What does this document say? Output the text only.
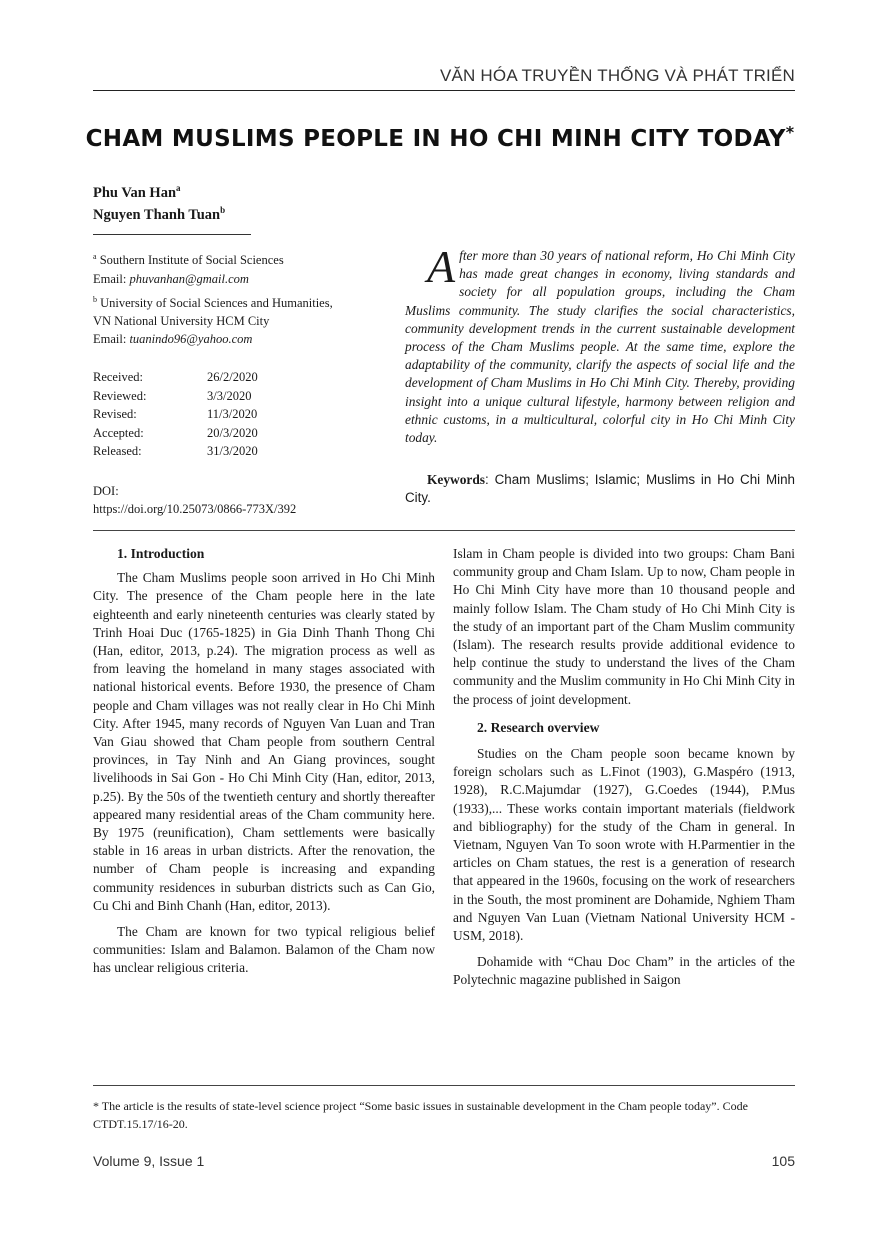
VĂN HÓA TRUYỀN THỐNG VÀ PHÁT TRIỂN
CHAM MUSLIMS PEOPLE IN HO CHI MINH CITY TODAY*
Phu Van Han$^a$
Nguyen Thanh Tuan$^b$
$^a$ Southern Institute of Social Sciences
Email: phuvanhan@gmail.com
$^b$ University of Social Sciences and Humanities,
VN National University HCM City
Email: tuanindo96@yahoo.com
Received:	26/2/2020
Reviewed:	3/3/2020
Revised:	11/3/2020
Accepted:	20/3/2020
Released:	31/3/2020
DOI:
https://doi.org/10.25073/0866-773X/392
After more than 30 years of national reform, Ho Chi Minh City has made great changes in economy, living standards and society for all population groups, including the Cham Muslims community. The study clarifies the social characteristics, community development trends in the current sustainable development process of the Cham Muslims people. At the same time, explore the adaptability of the community, clarify the aspects of social life and the development of Cham Muslims in Ho Chi Minh City. Thereby, providing insight into a unique cultural lifestyle, harmony between religion and ethnic customs, in a multicultural, colorful city in Ho Chi Minh City today.
Keywords: Cham Muslims; Islamic; Muslims in Ho Chi Minh City.
1. Introduction

The Cham Muslims people soon arrived in Ho Chi Minh City. The presence of the Cham people here in the late eighteenth and early nineteenth centuries was clearly stated by Trinh Hoai Duc (1765-1825) in Gia Dinh Thanh Thong Chi (Han, editor, 2013, p.24). The migration process as well as from leaving the homeland in many stages associated with national historical events. Before 1930, the presence of Cham people and Cham villages was not really clear in Ho Chi Minh City. After 1945, many records of Nguyen Van Luan and Tran Van Giau showed that Cham people from southern Central provinces, in Tay Ninh and An Giang provinces, sought livelihoods in Sai Gon - Ho Chi Minh City (Han, editor, 2013, p.25). By the 50s of the twentieth century and shortly thereafter appeared many residential areas of the Cham community here. By 1975 (reunification), Cham settlements were basically stable in 16 areas in urban districts. After the renovation, the number of Cham people is increasing and expanding community residences in suburban districts such as Can Gio, Cu Chi and Binh Chanh (Han, editor, 2013).

The Cham are known for two typical religious belief communities: Islam and Balamon. Balamon of the Cham now has unclear religious criteria.

Islam in Cham people is divided into two groups: Cham Bani community group and Cham Islam. Up to now, Cham people in Ho Chi Minh City have more than 10 thousand people and mainly follow Islam. The Cham study of Ho Chi Minh City is the study of an important part of the Cham Muslim community (Islam). The research results provide additional evidence to help continue the study to understand the lives of the Cham community and the Muslim community in Ho Chi Minh City in the process of joint development.

2. Research overview

Studies on the Cham people soon became known by foreign scholars such as L.Finot (1903), G.Maspéro (1913, 1928), R.C.Majumdar (1927), G.Coedes (1944), P.Mus (1933),... These works contain important materials (fieldwork and bibliography) for the study of the Cham in general. In Vietnam, Nguyen Van To soon wrote with H.Parmentier in the articles on Cham statues, the rest is a generation of research that appeared in the 1960s, focusing on the work of researchers in the South, the most prominent are Dohamide, Nghiem Tham and Nguyen Van Luan (Vietnam National University HCM - USM, 2018).

Dohamide with “Chau Doc Cham” in the articles of the Polytechnic magazine published in Saigon

* The article is the results of state-level science project “Some basic issues in sustainable development in the Cham people today”. Code CTDT.15.17/16-20.
Volume 9, Issue 1	105
